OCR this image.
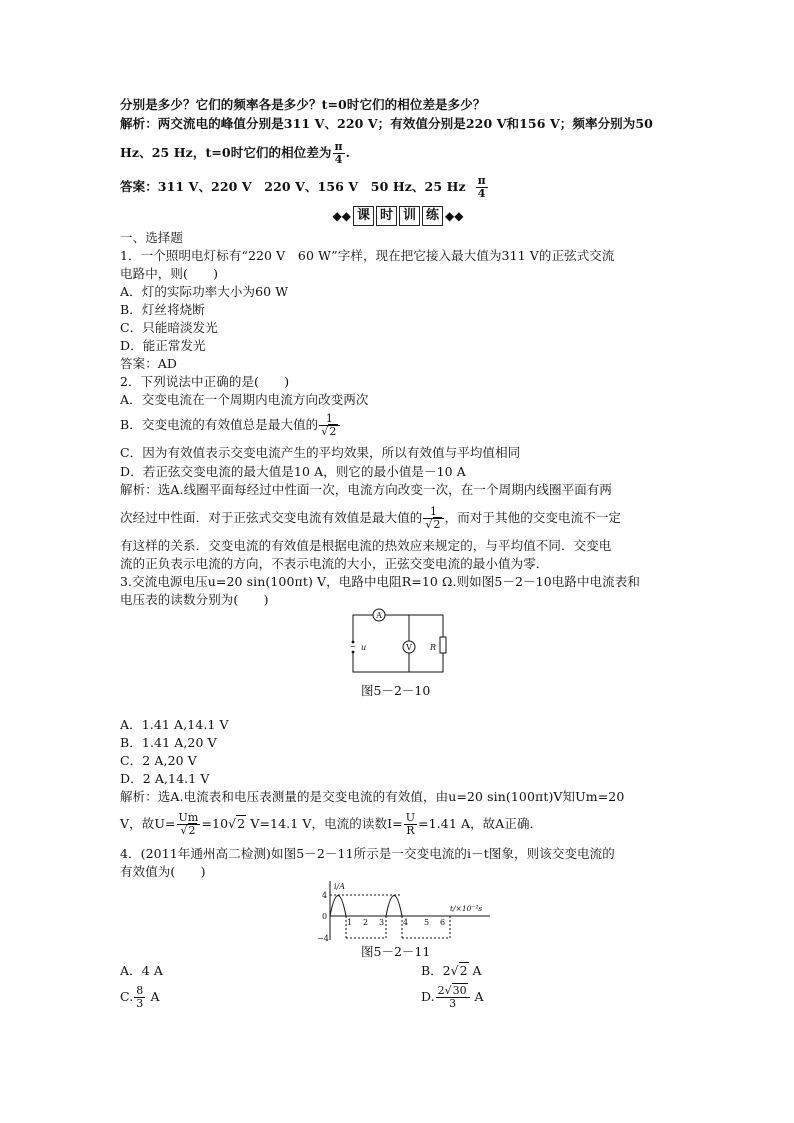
分别是多少？它们的频率各是多少？t=0时它们的相位差是多少？
解析：两交流电的峰值分别是311 V、220 V；有效值分别是220 V和156 V；频率分别为50
Hz、25 Hz，t=0时它们的相位差为 $\frac{\pi}{4}$ .
答案：311 V、220 V　220 V、156 V　50 Hz、25 Hz $\frac{\pi}{4}$
◆◆ 课 时 训 练 ◆◆
一、选择题
1．一个照明电灯标有“220 V　60 W”字样，现在把它接入最大值为311 V的正弦式交流
电路中，则(　　)
A．灯的实际功率大小为60 W
B．灯丝将烧断
C．只能暗淡发光
D．能正常发光
答案：AD
2．下列说法中正确的是(　　)
A．交变电流在一个周期内电流方向改变两次
B．交变电流的有效值总是最大值的 $\frac{1}{√2}$
C．因为有效值表示交变电流产生的平均效果，所以有效值与平均值相同
D．若正弦交变电流的最大值是10 A，则它的最小值是－10 A
解析：选A.线圈平面每经过中性面一次，电流方向改变一次，在一个周期内线圈平面有两
次经过中性面．对于正弦式交变电流有效值是最大值的 $\frac{1}{√2}$ ，而对于其他的交变电流不一定
有这样的关系．交变电流的有效值是根据电流的热效应来规定的，与平均值不同．交变电
流的正负表示电流的方向，不表示电流的大小，正弦交变电流的最小值为零．
3.交流电源电压u=20 sin(100πt) V，电路中电阻R=10 Ω.则如图5－2－10电路中电流表和
电压表的读数分别为(　　)
~
A
V
u	R
图5－2－10
A．1.41 A,14.1 V
B．1.41 A,20 V
C．2 A,20 V
D．2 A,14.1 V
解析：选A.电流表和电压表测量的是交变电流的有效值，由u=20 sin(100πt)V知Um=20
V，故$U= \frac{Um}{√2} =10√2$ V=14.1 V，电流的读数$I= \frac{U}{R} =1.41$ A，故A正确．
4．(2011年通州高二检测)如图5－2－11所示是一交变电流的i－t图象，则该交变电流的
有效值为(　　)
i/A
t/×10⁻²s
4
0
−4
1 2 3 4 5 6
图5－2－11
A．4 A	B．2√2 A
C. $\frac{8}{3}$ A	D. $\frac{2√30}{3}$ A
